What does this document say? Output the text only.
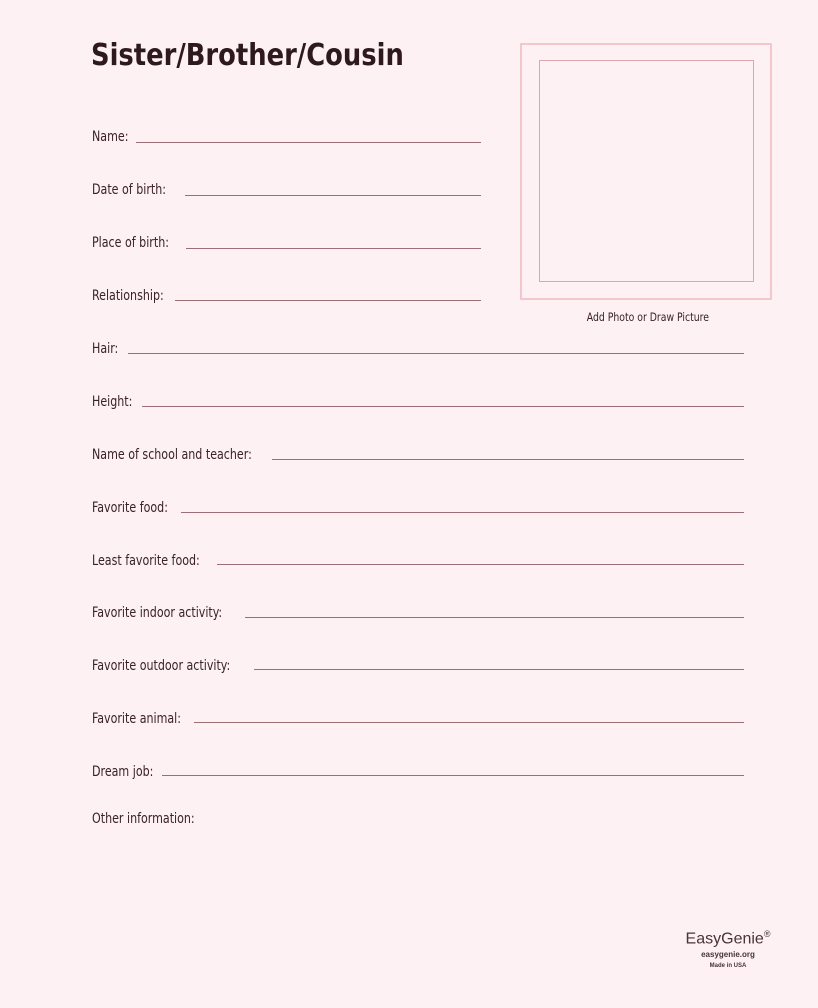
Sister/Brother/Cousin
Add Photo or Draw Picture
Name:
Date of birth:
Place of birth:
Relationship:
Hair:
Height:
Name of school and teacher:
Favorite food:
Least favorite food:
Favorite indoor activity:
Favorite outdoor activity:
Favorite animal:
Dream job:
Other information:
EasyGenie®
easygenie.org
Made in USA
